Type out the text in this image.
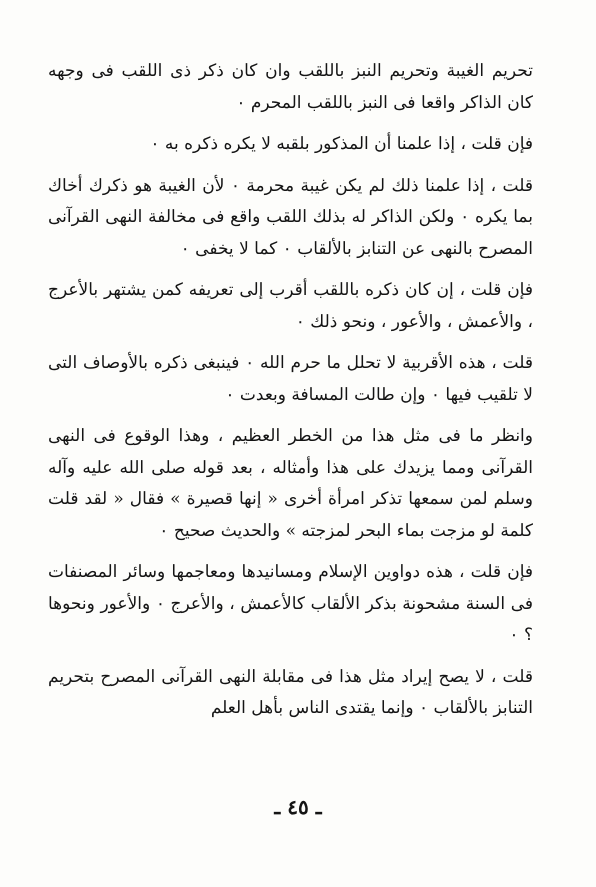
تحريم الغيبة وتحريم النبز باللقب وان كان ذكر ذى اللقب فى وجهه كان الذاكر واقعا فى النبز باللقب المحرم ٠

فإن قلت ، إذا علمنا أن المذكور بلقبه لا يكره ذكره به ٠

قلت ، إذا علمنا ذلك لم يكن غيبة محرمة ٠ لأن الغيبة هو ذكرك أخاك بما يكره ٠ ولكن الذاكر له بذلك اللقب واقع فى مخالفة النهى القرآنى المصرح بالنهى عن التنابز بالألقاب ٠ كما لا يخفى ٠

فإن قلت ، إن كان ذكره باللقب أقرب إلى تعريفه كمن يشتهر بالأعرج ، والأعمش ، والأعور ، ونحو ذلك ٠

قلت ، هذه الأقربية لا تحلل ما حرم الله ٠ فينبغى ذكره بالأوصاف التى لا تلقيب فيها ٠ وإن طالت المسافة وبعدت ٠

وانظر ما فى مثل هذا من الخطر العظيم ، وهذا الوقوع فى النهى القرآنى ومما يزيدك على هذا وأمثاله ، بعد قوله صلى الله عليه وآله وسلم لمن سمعها تذكر امرأة أخرى « إنها قصيرة » فقال « لقد قلت كلمة لو مزجت بماء البحر لمزجته » والحديث صحيح ٠

فإن قلت ، هذه دواوين الإسلام ومسانيدها ومعاجمها وسائر المصنفات فى السنة مشحونة بذكر الألقاب كالأعمش ، والأعرج ٠ والأعور ونحوها ؟ ٠

قلت ، لا يصح إيراد مثل هذا فى مقابلة النهى القرآنى المصرح بتحريم التنابز بالألقاب ٠ وإنما يقتدى الناس بأهل العلم

ـ ٤٥ ـ
